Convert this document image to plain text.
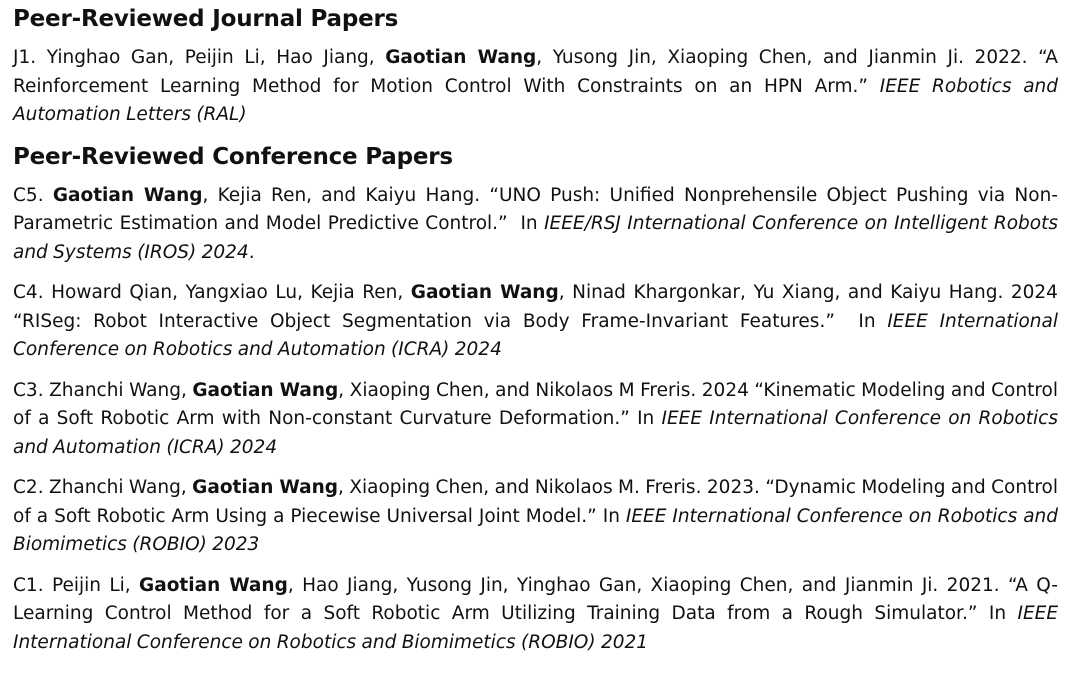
Peer-Reviewed Journal Papers

J1. Yinghao Gan, Peijin Li, Hao Jiang, Gaotian Wang, Yusong Jin, Xiaoping Chen, and Jianmin Ji. 2022. “A Reinforcement Learning Method for Motion Control With Constraints on an HPN Arm.” IEEE Robotics and Automation Letters (RAL)

Peer-Reviewed Conference Papers

C5. Gaotian Wang, Kejia Ren, and Kaiyu Hang. “UNO Push: Unified Nonprehensile Object Pushing via Non-Parametric Estimation and Model Predictive Control.” In IEEE/RSJ International Conference on Intelligent Robots and Systems (IROS) 2024.

C4. Howard Qian, Yangxiao Lu, Kejia Ren, Gaotian Wang, Ninad Khargonkar, Yu Xiang, and Kaiyu Hang. 2024 “RISeg: Robot Interactive Object Segmentation via Body Frame-Invariant Features.” In IEEE International Conference on Robotics and Automation (ICRA) 2024

C3. Zhanchi Wang, Gaotian Wang, Xiaoping Chen, and Nikolaos M Freris. 2024 “Kinematic Modeling and Control of a Soft Robotic Arm with Non-constant Curvature Deformation.” In IEEE International Conference on Robotics and Automation (ICRA) 2024

C2. Zhanchi Wang, Gaotian Wang, Xiaoping Chen, and Nikolaos M. Freris. 2023. “Dynamic Modeling and Control of a Soft Robotic Arm Using a Piecewise Universal Joint Model.” In IEEE International Conference on Robotics and Biomimetics (ROBIO) 2023

C1. Peijin Li, Gaotian Wang, Hao Jiang, Yusong Jin, Yinghao Gan, Xiaoping Chen, and Jianmin Ji. 2021. “A Q-Learning Control Method for a Soft Robotic Arm Utilizing Training Data from a Rough Simulator.” In IEEE International Conference on Robotics and Biomimetics (ROBIO) 2021
